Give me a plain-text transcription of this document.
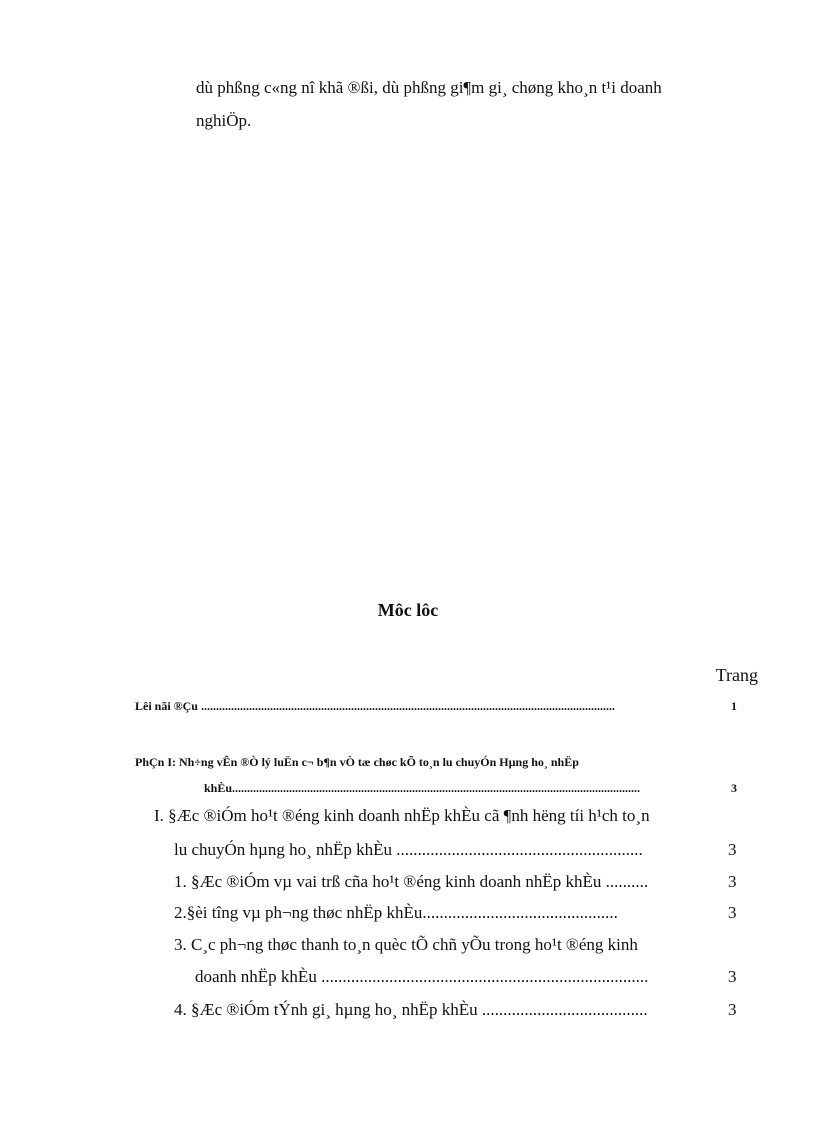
dù phßng c«ng nî khã ®ßi, dù phßng gi¶m gi¸ chøng kho¸n t¹i doanh
nghiÖp.
Môc lôc
Trang
Lêi nãi ®Çu ..........................................................................................................................................	1
PhÇn I: Nh÷ng vÊn ®Ò lý luËn c¬ b¶n vÒ tæ chøc kÕ to¸n lu chuyÓn Hµng ho¸ nhËp
khÈu........................................................................................................................................	3
I. §Æc ®iÓm ho¹t ®éng kinh doanh nhËp khÈu cã ¶nh hëng tíi h¹ch to¸n
lu chuyÓn hµng ho¸ nhËp khÈu ..........................................................	3
1. §Æc ®iÓm vµ vai trß cña ho¹t ®éng kinh doanh nhËp khÈu ..........	3
2.§èi tîng vµ ph¬ng thøc nhËp khÈu..............................................	3
3. C¸c ph¬ng thøc thanh to¸n quèc tÕ chñ yÕu trong ho¹t ®éng kinh
doanh nhËp khÈu .............................................................................	3
4. §Æc ®iÓm tÝnh gi¸ hµng ho¸ nhËp khÈu .......................................	3
